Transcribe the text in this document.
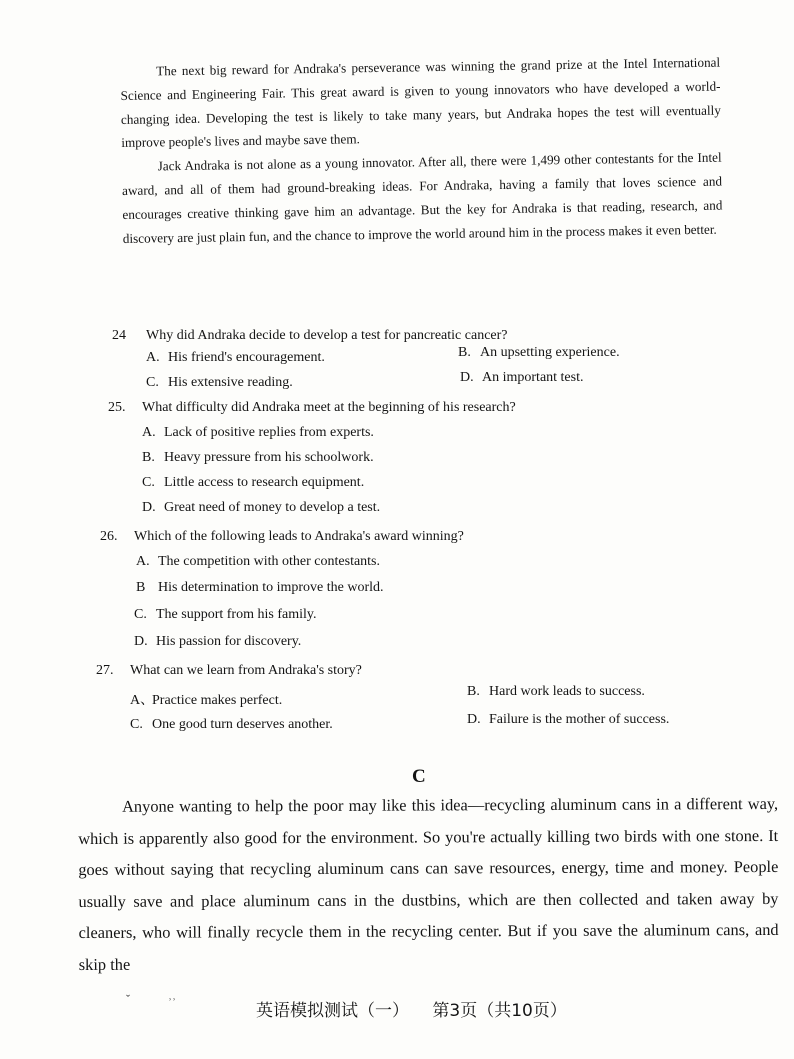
The next big reward for Andraka's perseverance was winning the grand prize at the Intel International Science and Engineering Fair. This great award is given to young innovators who have developed a world-changing idea. Developing the test is likely to take many years, but Andraka hopes the test will eventually improve people's lives and maybe save them.

Jack Andraka is not alone as a young innovator. After all, there were 1,499 other contestants for the Intel award, and all of them had ground-breaking ideas. For Andraka, having a family that loves science and encourages creative thinking gave him an advantage. But the key for Andraka is that reading, research, and discovery are just plain fun, and the chance to improve the world around him in the process makes it even better.

24 Why did Andraka decide to develop a test for pancreatic cancer?
A. His friend's encouragement.	B. An upsetting experience.
C. His extensive reading.	D. An important test.
25. What difficulty did Andraka meet at the beginning of his research?
A. Lack of positive replies from experts.
B. Heavy pressure from his schoolwork.
C. Little access to research equipment.
D. Great need of money to develop a test.
26. Which of the following leads to Andraka's award winning?
A. The competition with other contestants.
B His determination to improve the world.
C. The support from his family.
D. His passion for discovery.
27. What can we learn from Andraka's story?
A、Practice makes perfect.
B. Hard work leads to success.
C. One good turn deserves another.	D. Failure is the mother of success.
C

Anyone wanting to help the poor may like this idea—recycling aluminum cans in a different way, which is apparently also good for the environment. So you're actually killing two birds with one stone. It goes without saying that recycling aluminum cans can save resources, energy, time and money. People usually save and place aluminum cans in the dustbins, which are then collected and taken away by cleaners, who will finally recycle them in the recycling center. But if you save the aluminum cans, and skip the

ˇ	˒˒
英语模拟测试（一） 第3页（共10页）
